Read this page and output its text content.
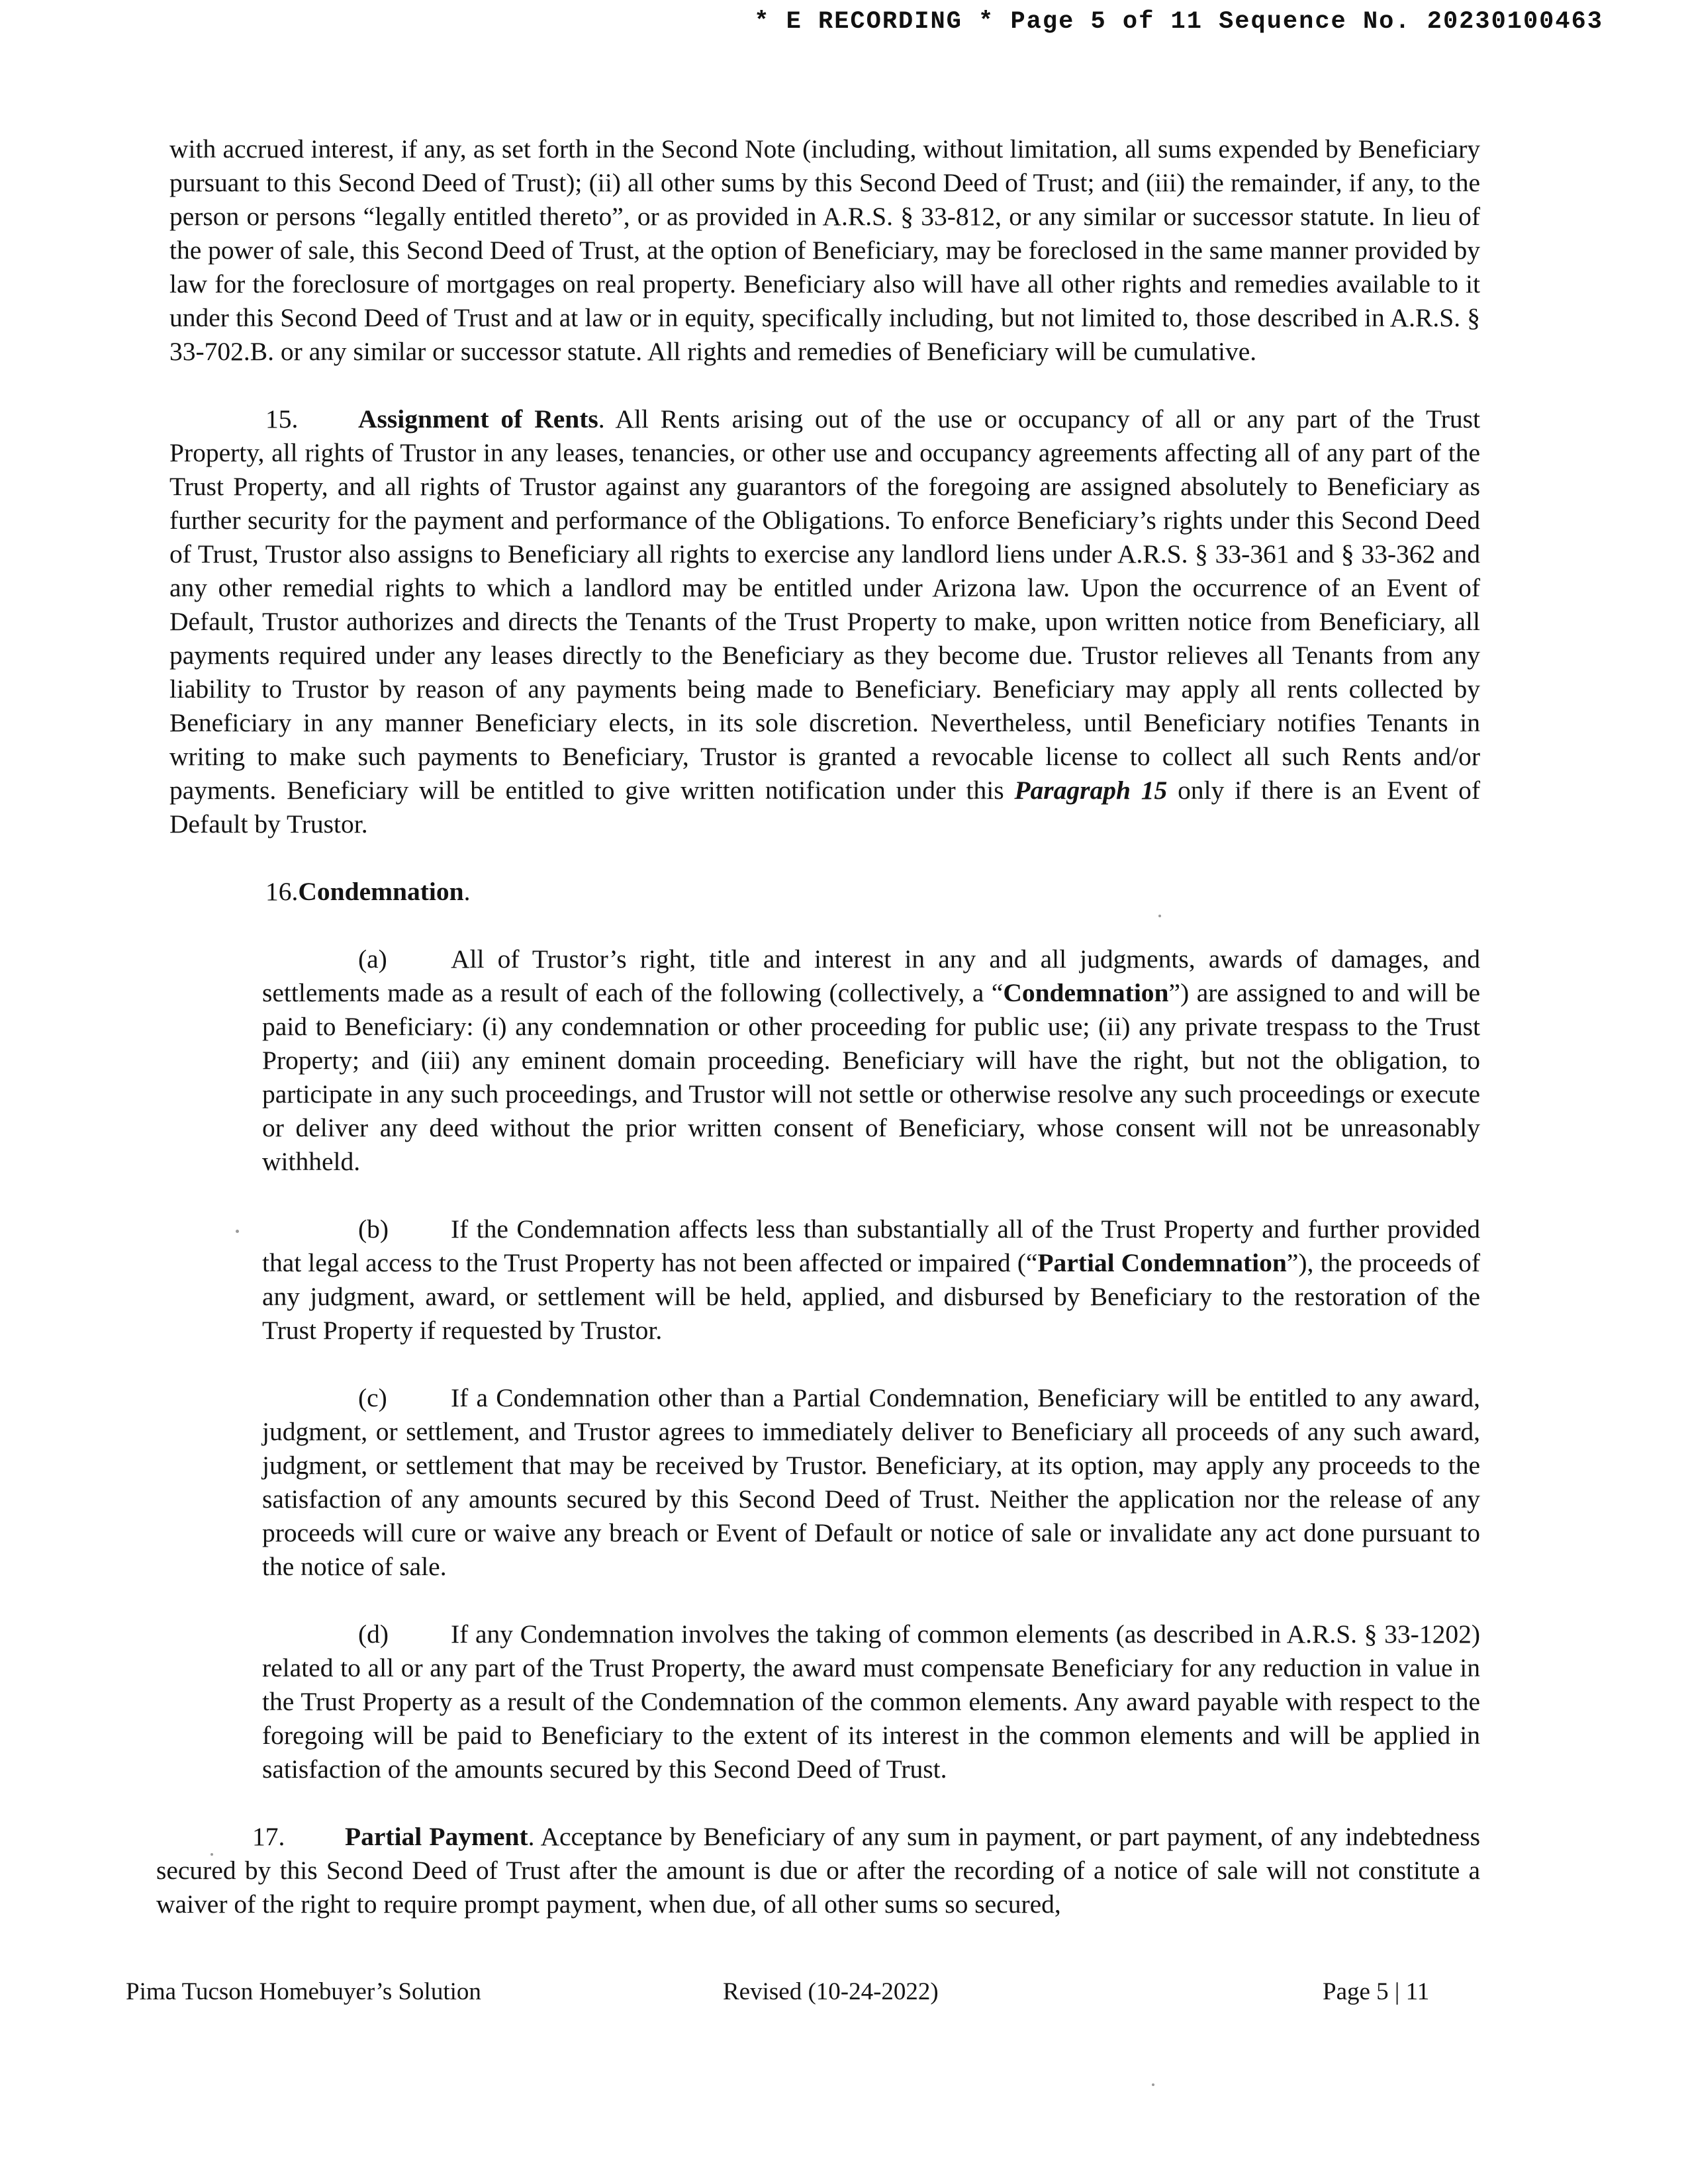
* E RECORDING * Page 5 of 11 Sequence No. 20230100463

with accrued interest, if any, as set forth in the Second Note (including, without limitation, all sums expended by Beneficiary pursuant to this Second Deed of Trust); (ii) all other sums by this Second Deed of Trust; and (iii) the remainder, if any, to the person or persons “legally entitled thereto”, or as provided in A.R.S. § 33-812, or any similar or successor statute. In lieu of the power of sale, this Second Deed of Trust, at the option of Beneficiary, may be foreclosed in the same manner provided by law for the foreclosure of mortgages on real property. Beneficiary also will have all other rights and remedies available to it under this Second Deed of Trust and at law or in equity, specifically including, but not limited to, those described in A.R.S. § 33-702.B. or any similar or successor statute. All rights and remedies of Beneficiary will be cumulative.

15. Assignment of Rents. All Rents arising out of the use or occupancy of all or any part of the Trust Property, all rights of Trustor in any leases, tenancies, or other use and occupancy agreements affecting all of any part of the Trust Property, and all rights of Trustor against any guarantors of the foregoing are assigned absolutely to Beneficiary as further security for the payment and performance of the Obligations. To enforce Beneficiary’s rights under this Second Deed of Trust, Trustor also assigns to Beneficiary all rights to exercise any landlord liens under A.R.S. § 33-361 and § 33-362 and any other remedial rights to which a landlord may be entitled under Arizona law. Upon the occurrence of an Event of Default, Trustor authorizes and directs the Tenants of the Trust Property to make, upon written notice from Beneficiary, all payments required under any leases directly to the Beneficiary as they become due. Trustor relieves all Tenants from any liability to Trustor by reason of any payments being made to Beneficiary. Beneficiary may apply all rents collected by Beneficiary in any manner Beneficiary elects, in its sole discretion. Nevertheless, until Beneficiary notifies Tenants in writing to make such payments to Beneficiary, Trustor is granted a revocable license to collect all such Rents and/or payments. Beneficiary will be entitled to give written notification under this Paragraph 15 only if there is an Event of Default by Trustor.

16.Condemnation.

(a) All of Trustor’s right, title and interest in any and all judgments, awards of damages, and settlements made as a result of each of the following (collectively, a “Condemnation”) are assigned to and will be paid to Beneficiary: (i) any condemnation or other proceeding for public use; (ii) any private trespass to the Trust Property; and (iii) any eminent domain proceeding. Beneficiary will have the right, but not the obligation, to participate in any such proceedings, and Trustor will not settle or otherwise resolve any such proceedings or execute or deliver any deed without the prior written consent of Beneficiary, whose consent will not be unreasonably withheld.

(b) If the Condemnation affects less than substantially all of the Trust Property and further provided that legal access to the Trust Property has not been affected or impaired (“Partial Condemnation”), the proceeds of any judgment, award, or settlement will be held, applied, and disbursed by Beneficiary to the restoration of the Trust Property if requested by Trustor.

(c) If a Condemnation other than a Partial Condemnation, Beneficiary will be entitled to any award, judgment, or settlement, and Trustor agrees to immediately deliver to Beneficiary all proceeds of any such award, judgment, or settlement that may be received by Trustor. Beneficiary, at its option, may apply any proceeds to the satisfaction of any amounts secured by this Second Deed of Trust. Neither the application nor the release of any proceeds will cure or waive any breach or Event of Default or notice of sale or invalidate any act done pursuant to the notice of sale.

(d) If any Condemnation involves the taking of common elements (as described in A.R.S. § 33-1202) related to all or any part of the Trust Property, the award must compensate Beneficiary for any reduction in value in the Trust Property as a result of the Condemnation of the common elements. Any award payable with respect to the foregoing will be paid to Beneficiary to the extent of its interest in the common elements and will be applied in satisfaction of the amounts secured by this Second Deed of Trust.

17. Partial Payment. Acceptance by Beneficiary of any sum in payment, or part payment, of any indebtedness secured by this Second Deed of Trust after the amount is due or after the recording of a notice of sale will not constitute a waiver of the right to require prompt payment, when due, of all other sums so secured,

Pima Tucson Homebuyer’s Solution	Revised (10-24-2022)	Page 5 | 11
